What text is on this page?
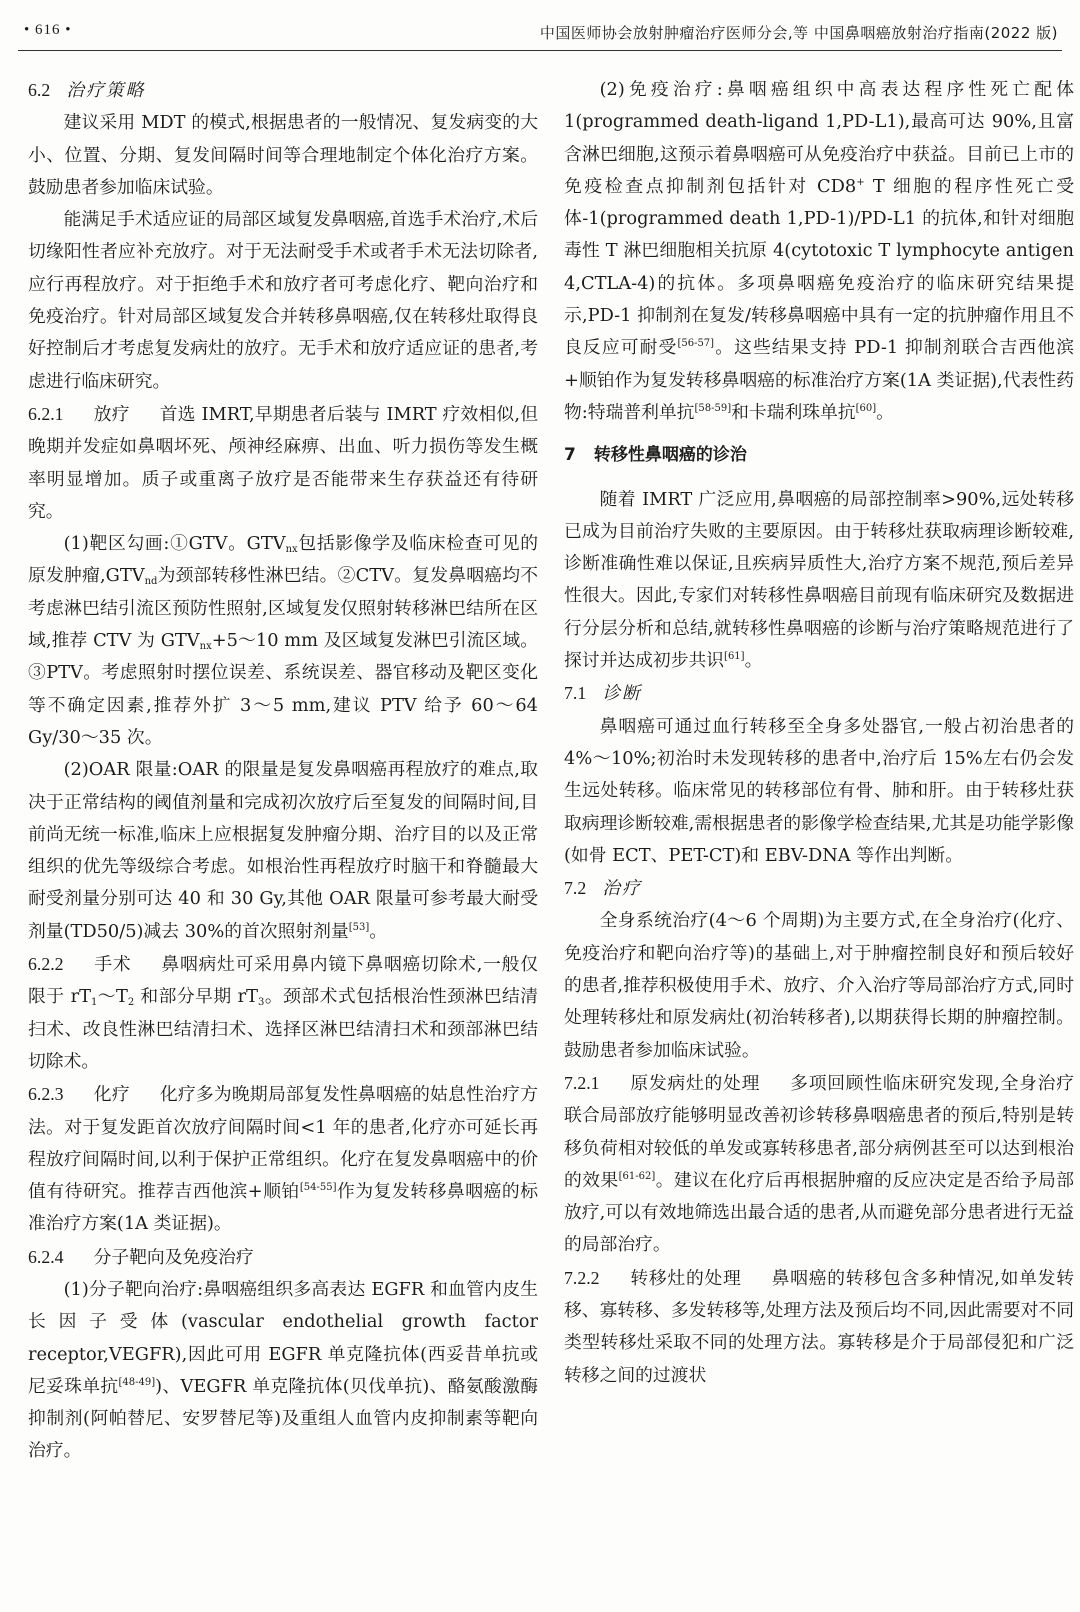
• 616 •	中国医师协会放射肿瘤治疗医师分会,等 中国鼻咽癌放射治疗指南(2022 版)
6.2 治疗策略

建议采用 MDT 的模式,根据患者的一般情况、复发病变的大小、位置、分期、复发间隔时间等合理地制定个体化治疗方案。鼓励患者参加临床试验。

能满足手术适应证的局部区域复发鼻咽癌,首选手术治疗,术后切缘阳性者应补充放疗。对于无法耐受手术或者手术无法切除者,应行再程放疗。对于拒绝手术和放疗者可考虑化疗、靶向治疗和免疫治疗。针对局部区域复发合并转移鼻咽癌,仅在转移灶取得良好控制后才考虑复发病灶的放疗。无手术和放疗适应证的患者,考虑进行临床研究。

6.2.1 放疗 首选 IMRT,早期患者后装与 IMRT 疗效相似,但晚期并发症如鼻咽坏死、颅神经麻痹、出血、听力损伤等发生概率明显增加。质子或重离子放疗是否能带来生存获益还有待研究。

(1)靶区勾画:①GTV。$GTV_{nx}$包括影像学及临床检查可见的原发肿瘤$,GTV_{nd}$为颈部转移性淋巴结。②CTV。复发鼻咽癌均不考虑淋巴结引流区预防性照射,区域复发仅照射转移淋巴结所在区域,推荐 CTV 为 $GTV_{nx}+5\sim 10$ mm 及区域复发淋巴引流区域。③PTV。考虑照射时摆位误差、系统误差、器官移动及靶区变化等不确定因素,推荐外扩 3～5 mm,建议 PTV 给予 60～64 Gy/30～35 次。

(2)OAR 限量:OAR 的限量是复发鼻咽癌再程放疗的难点,取决于正常结构的阈值剂量和完成初次放疗后至复发的间隔时间,目前尚无统一标准,临床上应根据复发肿瘤分期、治疗目的以及正常组织的优先等级综合考虑。如根治性再程放疗时脑干和脊髓最大耐受剂量分别可达 40 和 30 Gy,其他 OAR 限量可参考最大耐受剂量(TD50/5)减去 30%的首次照射剂量[53]。

6.2.2 手术 鼻咽病灶可采用鼻内镜下鼻咽癌切除术,一般仅限于 $rT_1\sim T_2$ 和部分早期 $rT_3$。颈部术式包括根治性颈淋巴结清扫术、改良性淋巴结清扫术、选择区淋巴结清扫术和颈部淋巴结切除术。

6.2.3 化疗 化疗多为晚期局部复发性鼻咽癌的姑息性治疗方法。对于复发距首次放疗间隔时间<1 年的患者,化疗亦可延长再程放疗间隔时间,以利于保护正常组织。化疗在复发鼻咽癌中的价值有待研究。推荐吉西他滨+顺铂[54-55]作为复发转移鼻咽癌的标准治疗方案(1A 类证据)。

6.2.4 分子靶向及免疫治疗

(1)分子靶向治疗:鼻咽癌组织多高表达 EGFR 和血管内皮生长因子受体(vascular endothelial growth factor receptor,VEGFR),因此可用 EGFR 单克隆抗体(西妥昔单抗或尼妥珠单抗[48-49])、VEGFR 单克隆抗体(贝伐单抗)、酪氨酸激酶抑制剂(阿帕替尼、安罗替尼等)及重组人血管内皮抑制素等靶向治疗。

(2)免疫治疗:鼻咽癌组织中高表达程序性死亡配体 1(programmed death-ligand 1,PD-L1),最高可达 90%,且富含淋巴细胞,这预示着鼻咽癌可从免疫治疗中获益。目前已上市的免疫检查点抑制剂包括针对 CD8+ T 细胞的程序性死亡受体-1(programmed death 1,PD-1)/PD-L1 的抗体,和针对细胞毒性 T 淋巴细胞相关抗原 4(cytotoxic T lymphocyte antigen 4,CTLA-4)的抗体。多项鼻咽癌免疫治疗的临床研究结果提示,PD-1 抑制剂在复发/转移鼻咽癌中具有一定的抗肿瘤作用且不良反应可耐受[56-57]。这些结果支持 PD-1 抑制剂联合吉西他滨+顺铂作为复发转移鼻咽癌的标准治疗方案(1A 类证据),代表性药物:特瑞普利单抗[58-59]和卡瑞利珠单抗[60]。

7 转移性鼻咽癌的诊治

随着 IMRT 广泛应用,鼻咽癌的局部控制率>90%,远处转移已成为目前治疗失败的主要原因。由于转移灶获取病理诊断较难,诊断准确性难以保证,且疾病异质性大,治疗方案不规范,预后差异性很大。因此,专家们对转移性鼻咽癌目前现有临床研究及数据进行分层分析和总结,就转移性鼻咽癌的诊断与治疗策略规范进行了探讨并达成初步共识[61]。

7.1 诊断

鼻咽癌可通过血行转移至全身多处器官,一般占初治患者的 4%～10%;初治时未发现转移的患者中,治疗后 15%左右仍会发生远处转移。临床常见的转移部位有骨、肺和肝。由于转移灶获取病理诊断较难,需根据患者的影像学检查结果,尤其是功能学影像(如骨 ECT、PET-CT)和 EBV-DNA 等作出判断。

7.2 治疗

全身系统治疗(4～6 个周期)为主要方式,在全身治疗(化疗、免疫治疗和靶向治疗等)的基础上,对于肿瘤控制良好和预后较好的患者,推荐积极使用手术、放疗、介入治疗等局部治疗方式,同时处理转移灶和原发病灶(初治转移者),以期获得长期的肿瘤控制。鼓励患者参加临床试验。

7.2.1 原发病灶的处理 多项回顾性临床研究发现,全身治疗联合局部放疗能够明显改善初诊转移鼻咽癌患者的预后,特别是转移负荷相对较低的单发或寡转移患者,部分病例甚至可以达到根治的效果[61-62]。建议在化疗后再根据肿瘤的反应决定是否给予局部放疗,可以有效地筛选出最合适的患者,从而避免部分患者进行无益的局部治疗。

7.2.2 转移灶的处理 鼻咽癌的转移包含多种情况,如单发转移、寡转移、多发转移等,处理方法及预后均不同,因此需要对不同类型转移灶采取不同的处理方法。寡转移是介于局部侵犯和广泛转移之间的过渡状
